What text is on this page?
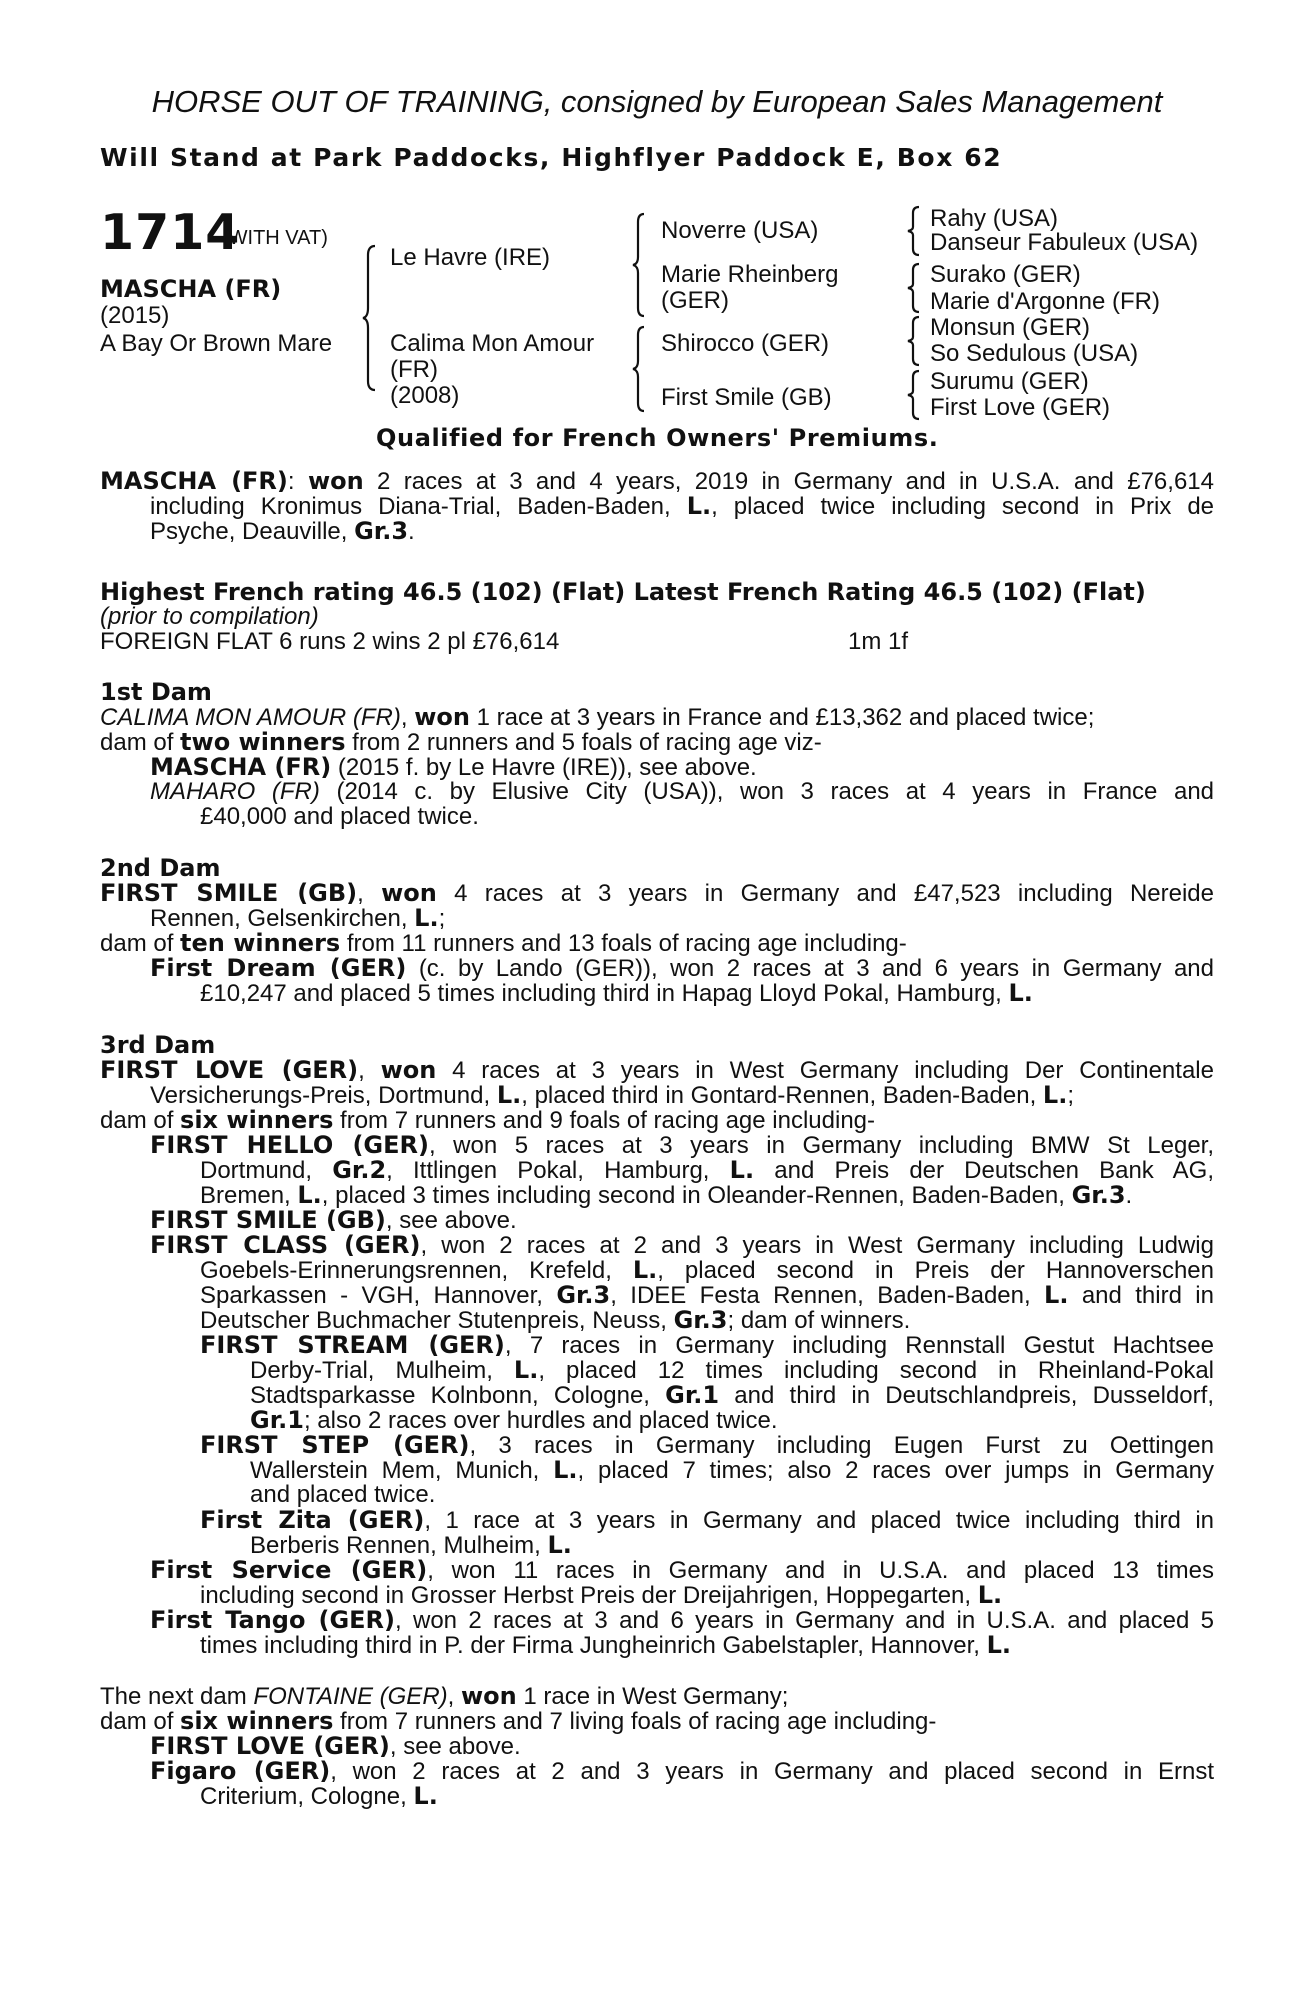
HORSE OUT OF TRAINING, consigned by European Sales Management
Will Stand at Park Paddocks, Highflyer Paddock E, Box 62
1714
(WITH VAT)
MASCHA (FR)
(2015)
A Bay Or Brown Mare
Le Havre (IRE)
Calima Mon Amour
(FR)
(2008)
Noverre (USA)
Marie Rheinberg
(GER)
Shirocco (GER)
First Smile (GB)
Rahy (USA)
Danseur Fabuleux (USA)
Surako (GER)
Marie d'Argonne (FR)
Monsun (GER)
So Sedulous (USA)
Surumu (GER)
First Love (GER)
Qualified for French Owners' Premiums.
MASCHA (FR): won 2 races at 3 and 4 years, 2019 in Germany and in U.S.A. and £76,614
including Kronimus Diana-Trial, Baden-Baden, L., placed twice including second in Prix de
Psyche, Deauville, Gr.3.
Highest French rating 46.5 (102) (Flat) Latest French Rating 46.5 (102) (Flat)
(prior to compilation)
FOREIGN FLAT 6 runs 2 wins 2 pl £76,614	1m 1f
1st Dam
CALIMA MON AMOUR (FR), won 1 race at 3 years in France and £13,362 and placed twice;
dam of two winners from 2 runners and 5 foals of racing age viz-
MASCHA (FR) (2015 f. by Le Havre (IRE)), see above.
MAHARO (FR) (2014 c. by Elusive City (USA)), won 3 races at 4 years in France and
£40,000 and placed twice.
2nd Dam
FIRST SMILE (GB), won 4 races at 3 years in Germany and £47,523 including Nereide
Rennen, Gelsenkirchen, L.;
dam of ten winners from 11 runners and 13 foals of racing age including-
First Dream (GER) (c. by Lando (GER)), won 2 races at 3 and 6 years in Germany and
£10,247 and placed 5 times including third in Hapag Lloyd Pokal, Hamburg, L.
3rd Dam
FIRST LOVE (GER), won 4 races at 3 years in West Germany including Der Continentale
Versicherungs-Preis, Dortmund, L., placed third in Gontard-Rennen, Baden-Baden, L.;
dam of six winners from 7 runners and 9 foals of racing age including-
FIRST HELLO (GER), won 5 races at 3 years in Germany including BMW St Leger,
Dortmund, Gr.2, Ittlingen Pokal, Hamburg, L. and Preis der Deutschen Bank AG,
Bremen, L., placed 3 times including second in Oleander-Rennen, Baden-Baden, Gr.3.
FIRST SMILE (GB), see above.
FIRST CLASS (GER), won 2 races at 2 and 3 years in West Germany including Ludwig
Goebels-Erinnerungsrennen, Krefeld, L., placed second in Preis der Hannoverschen
Sparkassen - VGH, Hannover, Gr.3, IDEE Festa Rennen, Baden-Baden, L. and third in
Deutscher Buchmacher Stutenpreis, Neuss, Gr.3; dam of winners.
FIRST STREAM (GER), 7 races in Germany including Rennstall Gestut Hachtsee
Derby-Trial, Mulheim, L., placed 12 times including second in Rheinland-Pokal
Stadtsparkasse Kolnbonn, Cologne, Gr.1 and third in Deutschlandpreis, Dusseldorf,
Gr.1; also 2 races over hurdles and placed twice.
FIRST STEP (GER), 3 races in Germany including Eugen Furst zu Oettingen
Wallerstein Mem, Munich, L., placed 7 times; also 2 races over jumps in Germany
and placed twice.
First Zita (GER), 1 race at 3 years in Germany and placed twice including third in
Berberis Rennen, Mulheim, L.
First Service (GER), won 11 races in Germany and in U.S.A. and placed 13 times
including second in Grosser Herbst Preis der Dreijahrigen, Hoppegarten, L.
First Tango (GER), won 2 races at 3 and 6 years in Germany and in U.S.A. and placed 5
times including third in P. der Firma Jungheinrich Gabelstapler, Hannover, L.
The next dam FONTAINE (GER), won 1 race in West Germany;
dam of six winners from 7 runners and 7 living foals of racing age including-
FIRST LOVE (GER), see above.
Figaro (GER), won 2 races at 2 and 3 years in Germany and placed second in Ernst
Criterium, Cologne, L.
